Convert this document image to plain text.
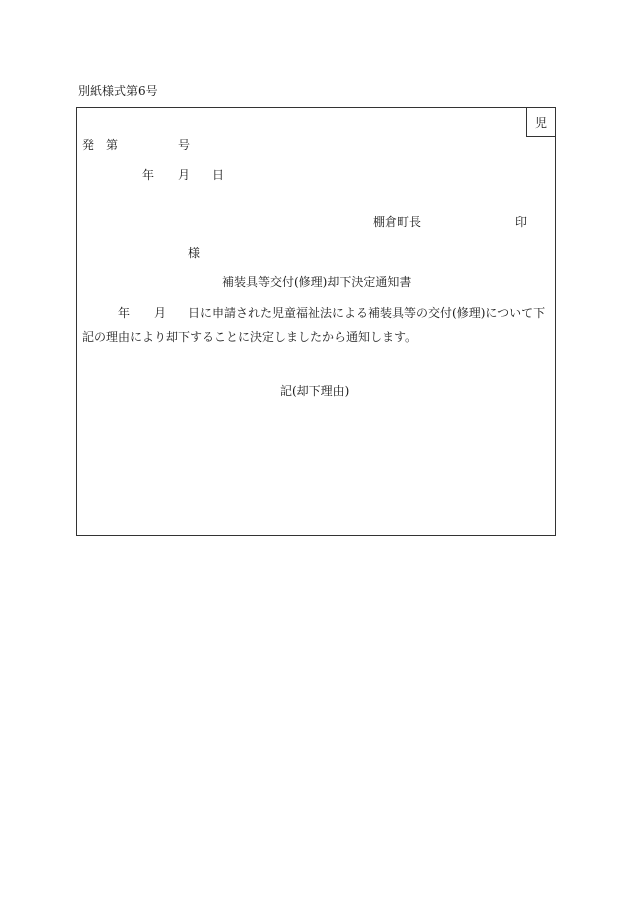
別紙様式第6号
児
発 第	号
年 月 日
棚倉町長	印
様
補装具等交付(修理)却下決定通知書
年 月 日に申請された児童福祉法による補装具等の交付(修理)について下
記の理由により却下することに決定しましたから通知します。
記(却下理由)
